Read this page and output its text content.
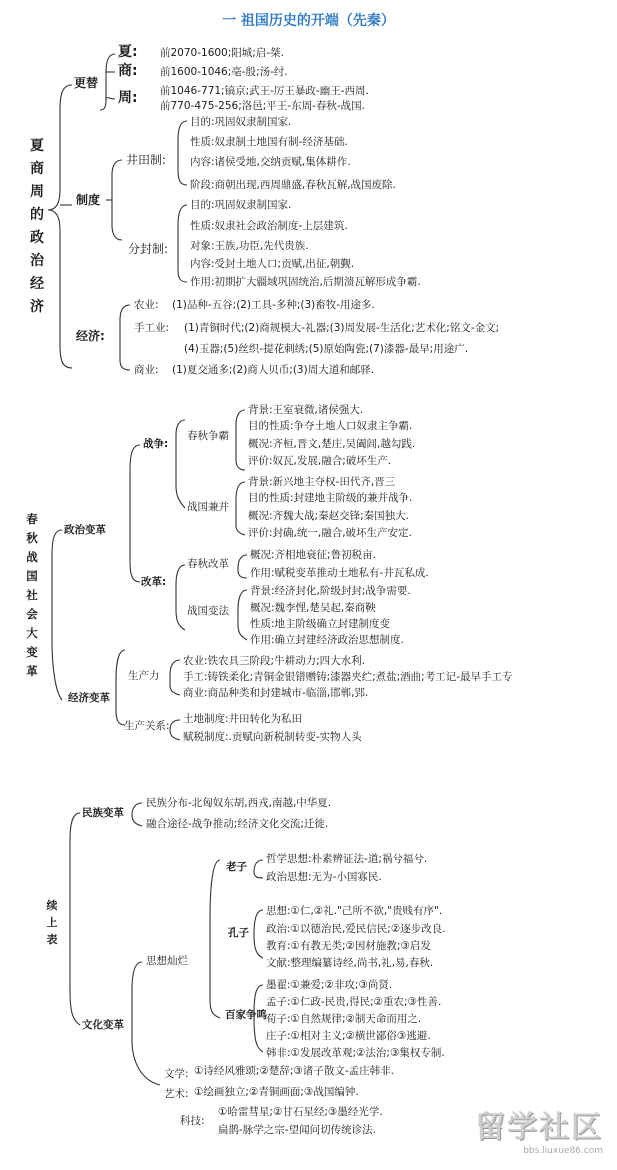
一 祖国历史的开端（先秦）
夏商周的政治经济
更替
夏: 前2070-1600;阳城;启-桀.
商: 前1600-1046;亳-殷;汤-纣.
周: 前1046-771;镐京;武王-厉王暴政-幽王-西周.
前770-475-256;洛邑;平王-东周-春秋-战国.
制度
井田制:
目的:巩固奴隶制国家.
性质:奴隶制土地国有制-经济基础.
内容:诸侯受地,交纳贡赋,集体耕作.
阶段:商朝出现,西周鼎盛,春秋瓦解,战国废除.
分封制:
目的:巩固奴隶制国家.
性质:奴隶社会政治制度-上层建筑.
对象:王族,功臣,先代贵族.
内容:受封土地人口;贡赋,出征,朝觐.
作用:初期扩大疆域巩固统治,后期溃瓦解形成争霸.
经济:
农业: (1)品种-五谷;(2)工具-多种;(3)畜牧-用途多.
手工业: (1)青铜时代;(2)商规模大-礼器;(3)周发展-生活化;艺术化;铭文-金文;
(4)玉器;(5)丝织-提花刺绣;(5)原始陶瓷;(7)漆器-最早;用途广.
商业: (1)夏交通多;(2)商人贝币;(3)周大道和邮驿.
春秋战国社会大变革
政治变革
战争:
春秋争霸
背景:王室衰微,诸侯强大.
目的性质:争夺土地人口奴隶主争霸.
概况:齐桓,晋文,楚庄,吴阖闾,越勾践.
评价:奴瓦,发展,融合;破坏生产.
战国兼并
背景:新兴地主夺权-田代齐,晋三
目的性质:封建地主阶级的兼并战争.
概况:齐魏大战;秦赵交锋;秦国独大.
评价:封确,统一,融合,破坏生产安定.
改革:
春秋改革
概况:齐相地衰征;鲁初税亩.
作用:赋税变革推动土地私有-井瓦私成.
战国变法
背景:经济封化,阶级封封;战争需要.
概况:魏李悝,楚吴起,秦商鞅
性质:地主阶级确立封建制度变
作用:确立封建经济政治思想制度.
经济变革
生产力
农业:铁农具三阶段;牛耕动力;四大水利.
手工:铸铁柔化;青铜金银错赠铸;漆器夹纻;煮盐;酒曲;考工记-最早手工专
商业:商品种类和封建城市-临淄,邯郸,郢.
生产关系:
土地制度:井田转化为私田
赋税制度:.贡赋向新税制转变-实物人头
续上表
民族变革
民族分布-北匈奴东胡,西戎,南越,中华夏.
融合途径-战争推动;经济文化交流;迁徙.
文化变革
思想灿烂
老子
哲学思想:朴素辨证法-道;祸兮福兮.
政治思想:无为-小国寡民.
孔子
思想:①仁,②礼."己所不欲,"贵贱有序".
政治:①以德治民,爱民信民;②逐步改良.
教育:①有教无类;②因材施教;③启发
文献:整理编纂诗经,尚书,礼,易,春秋.
百家争鸣
墨翟:①兼爱;②非攻;③尚贤.
孟子:①仁政-民贵,得民;②重农;③性善.
荀子:①自然规律;②制天命而用之.
庄子:①相对主义;②横世鄙俗③逃避.
韩非:①发展改革观;②法治;③集权专制.
文学: ①诗经风雅颂;②楚辞;③诸子散文-孟庄韩非.
艺术: ①绘画独立;②青铜画面;③战国编钟.
科技:
①哈雷彗星;②甘石星经;③墨经光学.
扁鹊-脉学之宗-望闻问切传统诊法.	留学社区
bbs.liuxue86.com
